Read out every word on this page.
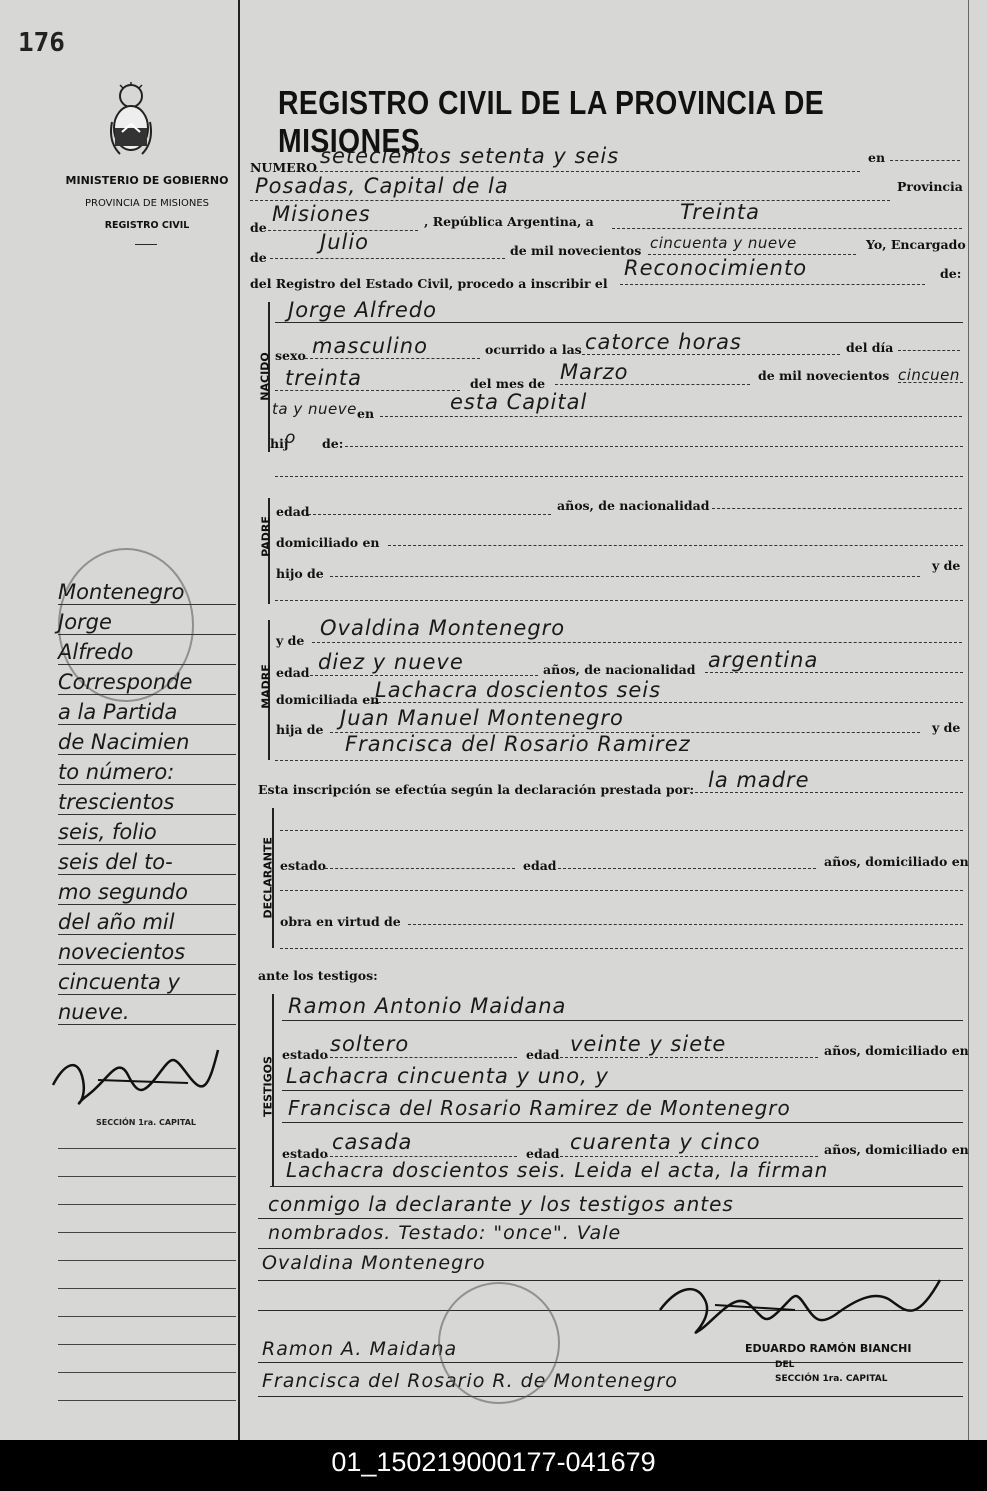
176
MINISTERIO DE GOBIERNO
PROVINCIA DE MISIONES
REGISTRO CIVIL
REGISTRO CIVIL DE LA PROVINCIA DE MISIONES
NUMERO setecientos setenta y seis	en
Posadas, Capital de la	Provincia
de
Misiones	, República Argentina, a	Treinta
de
Julio	de mil novecientos cincuenta y nueve	Yo, Encargado
del Registro del Estado Civil, procedo a inscribir el
Reconocimiento	de:
NACIDO
Jorge Alfredo
sexo masculino	ocurrido a las catorce horas	del día
treinta	del mes de Marzo	de mil novecientos cincuen
ta y nueve en	esta Capital
hij
o de:
PADRE
edad	años, de nacionalidad
domiciliado en
hijo de
y de
MADRE
y de
Ovaldina Montenegro
edad diez y nueve	años, de nacionalidad argentina
domiciliada en
Lachacra doscientos seis
hija de Juan Manuel Montenegro	y de
Francisca del Rosario Ramirez
Esta inscripción se efectúa según la declaración prestada por: la madre
DECLARANTE estado	edad	años, domiciliado en
obra en virtud de
ante los testigos:
TESTIGOS
Ramon Antonio Maidana
estado soltero	edad veinte y siete	años, domiciliado en
Lachacra cincuenta y uno, y
Francisca del Rosario Ramirez de Montenegro
estado casada	edad cuarenta y cinco	años, domiciliado en
Lachacra doscientos seis. Leida el acta, la firman
conmigo la declarante y los testigos antes
nombrados. Testado: "once". Vale
Ovaldina Montenegro
Ramon A. Maidana
Francisca del Rosario R. de Montenegro
EDUARDO RAMÓN BIANCHI
DEL
SECCIÓN 1ra. CAPITAL
Montenegro
Jorge
Alfredo
Corresponde
a la Partida
de Nacimien
to número:
trescientos
seis, folio
seis del to-
mo segundo
del año mil
novecientos
cincuenta y
nueve.
SECCIÓN 1ra. CAPITAL
01_150219000177-041679
